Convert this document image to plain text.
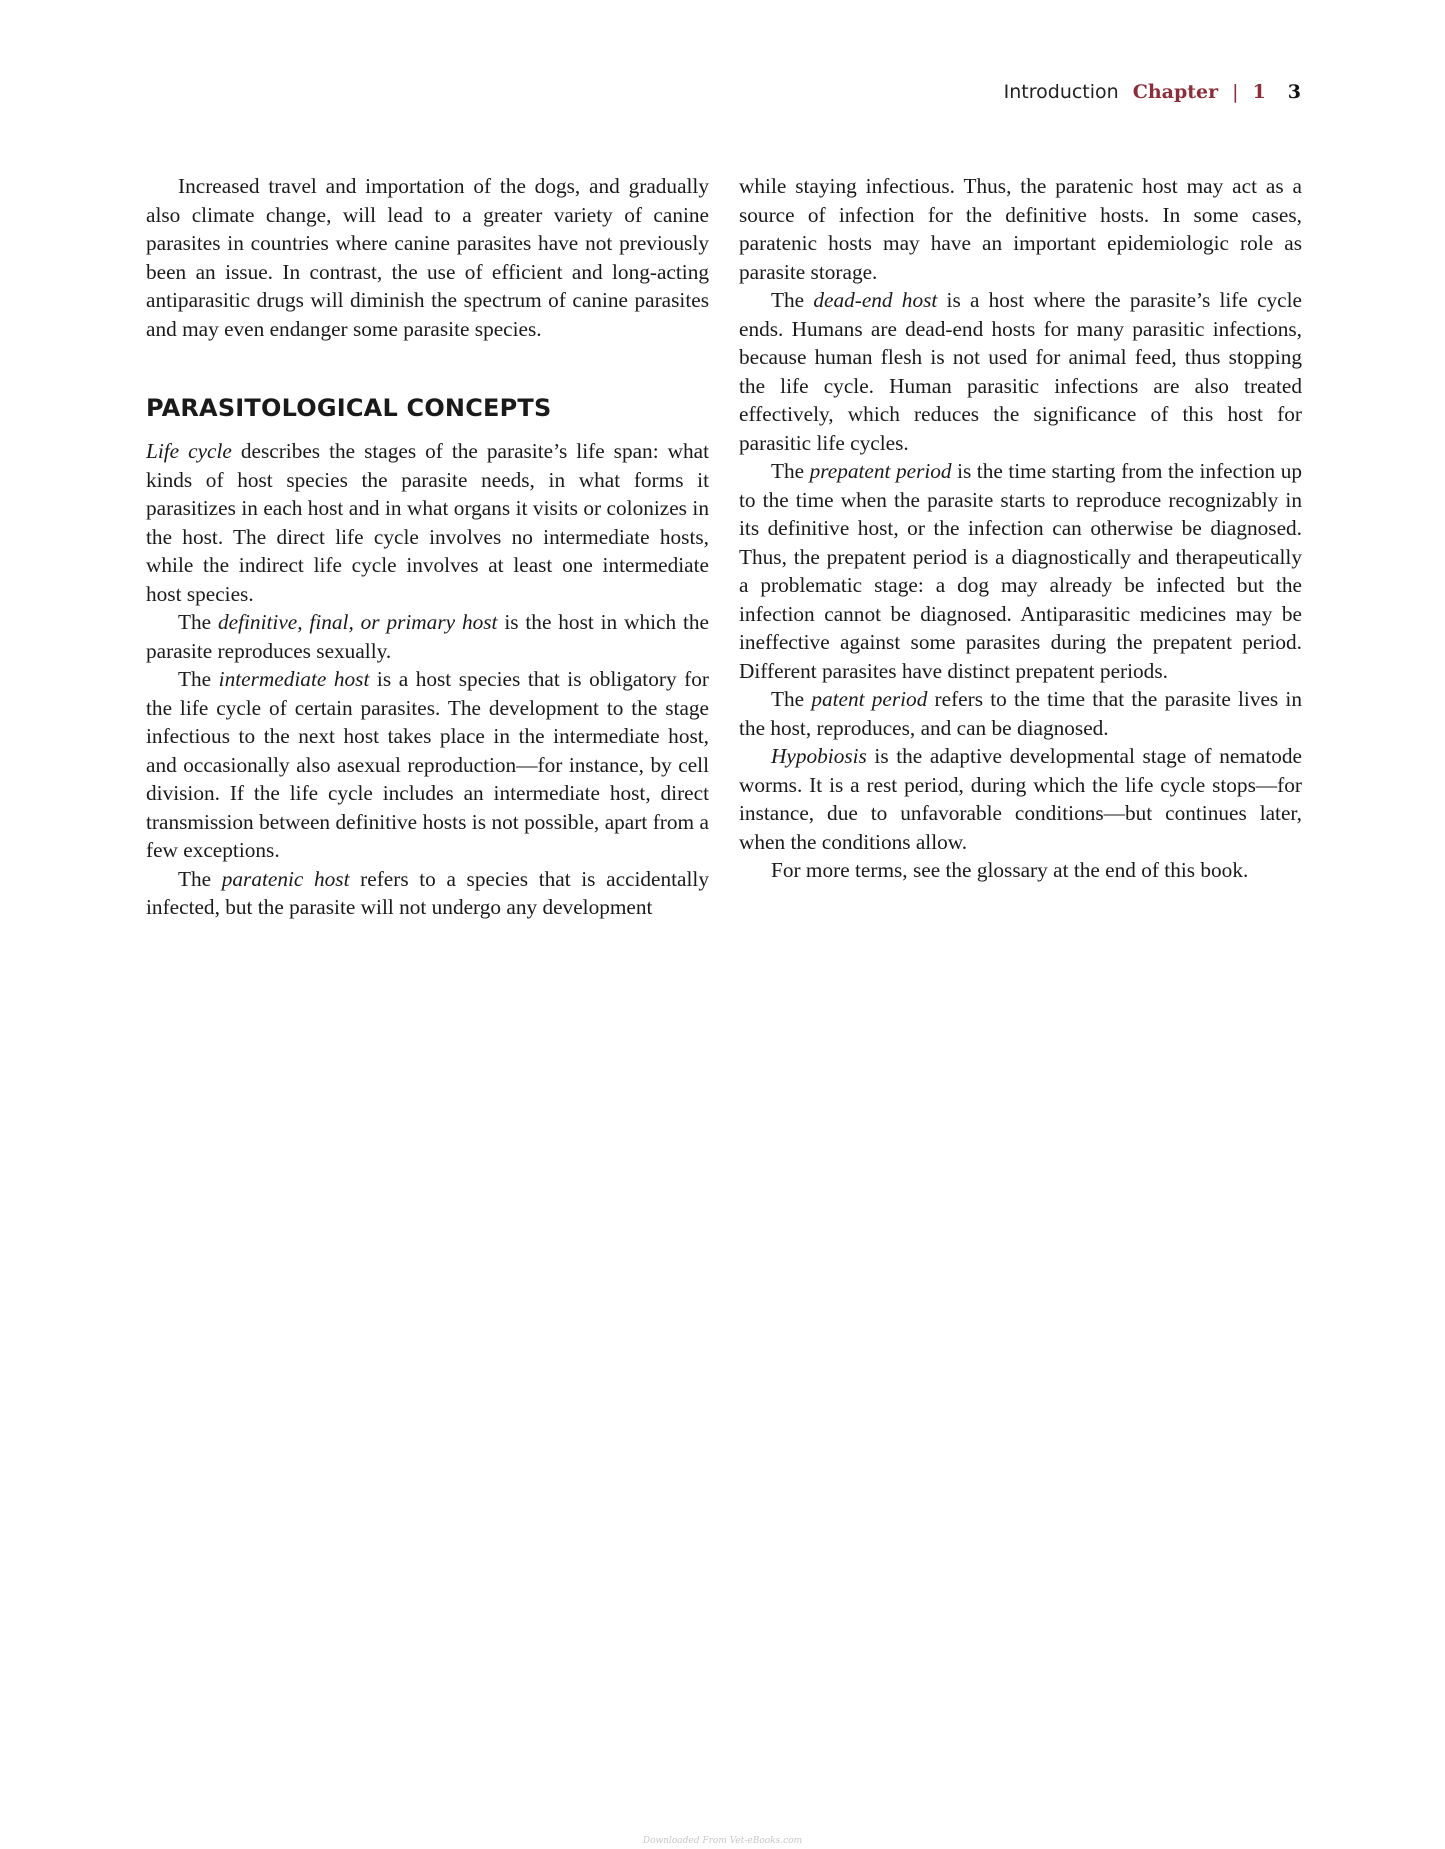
Introduction Chapter | 1 3

Increased travel and importation of the dogs, and gradually also climate change, will lead to a greater variety of canine parasites in countries where canine parasites have not previously been an issue. In contrast, the use of efficient and long-acting antiparasitic drugs will diminish the spectrum of canine parasites and may even endanger some parasite species.

PARASITOLOGICAL CONCEPTS

Life cycle describes the stages of the parasite’s life span: what kinds of host species the parasite needs, in what forms it parasitizes in each host and in what organs it visits or colonizes in the host. The direct life cycle involves no intermediate hosts, while the indirect life cycle involves at least one intermediate host species.

The definitive, final, or primary host is the host in which the parasite reproduces sexually.

The intermediate host is a host species that is obligatory for the life cycle of certain parasites. The development to the stage infectious to the next host takes place in the intermediate host, and occasionally also asexual reproduction—for instance, by cell division. If the life cycle includes an intermediate host, direct transmission between definitive hosts is not possible, apart from a few exceptions.

The paratenic host refers to a species that is accidentally infected, but the parasite will not undergo any development

while staying infectious. Thus, the paratenic host may act as a source of infection for the definitive hosts. In some cases, paratenic hosts may have an important epidemiologic role as parasite storage.

The dead-end host is a host where the parasite’s life cycle ends. Humans are dead-end hosts for many parasitic infections, because human flesh is not used for animal feed, thus stopping the life cycle. Human parasitic infections are also treated effectively, which reduces the significance of this host for parasitic life cycles.

The prepatent period is the time starting from the infection up to the time when the parasite starts to reproduce recognizably in its definitive host, or the infection can otherwise be diagnosed. Thus, the prepatent period is a diagnostically and therapeutically a problematic stage: a dog may already be infected but the infection cannot be diagnosed. Antiparasitic medicines may be ineffective against some parasites during the prepatent period. Different parasites have distinct prepatent periods.

The patent period refers to the time that the parasite lives in the host, reproduces, and can be diagnosed.

Hypobiosis is the adaptive developmental stage of nematode worms. It is a rest period, during which the life cycle stops—for instance, due to unfavorable conditions—but continues later, when the conditions allow.

For more terms, see the glossary at the end of this book.

Downloaded From Vet-eBooks.com
